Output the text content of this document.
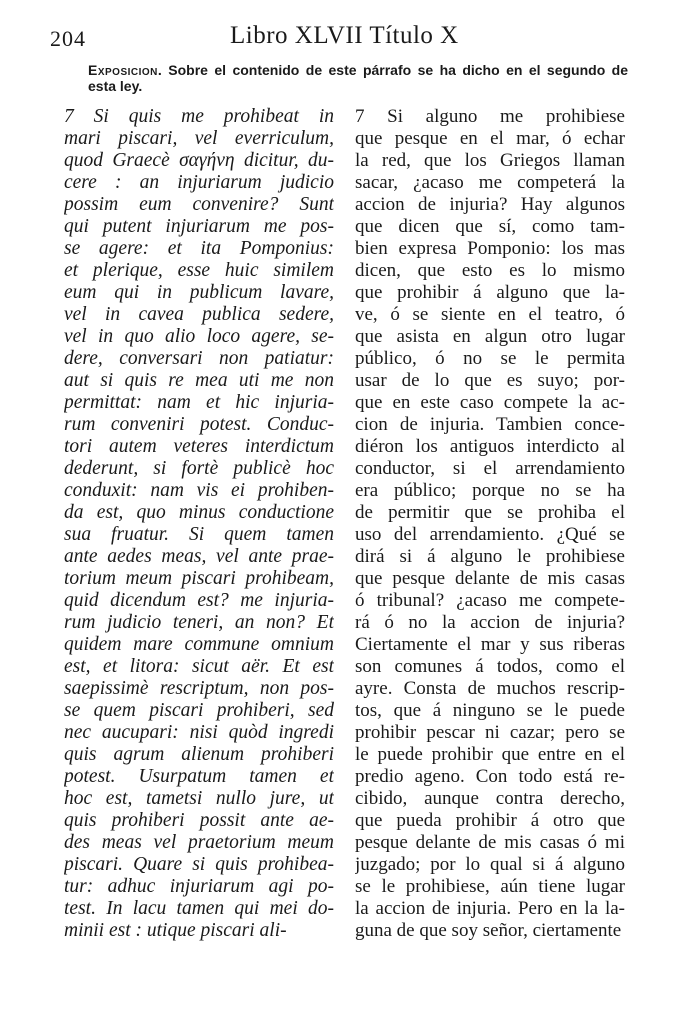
204	Libro XLVII Título X
Exposicion. Sobre el contenido de este párrafo se ha dicho en el segundo de esta ley.
7 Si quis me prohibeat in
mari piscari, vel everriculum,
quod Graecè σαγήνη dicitur, du-
cere : an injuriarum judicio
possim eum convenire? Sunt
qui putent injuriarum me pos-
se agere: et ita Pomponius:
et plerique, esse huic similem
eum qui in publicum lavare,
vel in cavea publica sedere,
vel in quo alio loco agere, se-
dere, conversari non patiatur:
aut si quis re mea uti me non
permittat: nam et hic injuria-
rum conveniri potest. Conduc-
tori autem veteres interdictum
dederunt, si fortè publicè hoc
conduxit: nam vis ei prohiben-
da est, quo minus conductione
sua fruatur. Si quem tamen
ante aedes meas, vel ante prae-
torium meum piscari prohibeam,
quid dicendum est? me injuria-
rum judicio teneri, an non? Et
quidem mare commune omnium
est, et litora: sicut aër. Et est
saepissimè rescriptum, non pos-
se quem piscari prohiberi, sed
nec aucupari: nisi quòd ingredi
quis agrum alienum prohiberi
potest. Usurpatum tamen et
hoc est, tametsi nullo jure, ut
quis prohiberi possit ante ae-
des meas vel praetorium meum
piscari. Quare si quis prohibea-
tur: adhuc injuriarum agi po-
test. In lacu tamen qui mei do-
minii est : utique piscari ali-
7 Si alguno me prohibiese
que pesque en el mar, ó echar
la red, que los Griegos llaman
sacar, ¿acaso me competerá la
accion de injuria? Hay algunos
que dicen que sí, como tam-
bien expresa Pomponio: los mas
dicen, que esto es lo mismo
que prohibir á alguno que la-
ve, ó se siente en el teatro, ó
que asista en algun otro lugar
público, ó no se le permita
usar de lo que es suyo; por-
que en este caso compete la ac-
cion de injuria. Tambien conce-
diéron los antiguos interdicto al
conductor, si el arrendamiento
era público; porque no se ha
de permitir que se prohiba el
uso del arrendamiento. ¿Qué se
dirá si á alguno le prohibiese
que pesque delante de mis casas
ó tribunal? ¿acaso me compete-
rá ó no la accion de injuria?
Ciertamente el mar y sus riberas
son comunes á todos, como el
ayre. Consta de muchos rescrip-
tos, que á ninguno se le puede
prohibir pescar ni cazar; pero se
le puede prohibir que entre en el
predio ageno. Con todo está re-
cibido, aunque contra derecho,
que pueda prohibir á otro que
pesque delante de mis casas ó mi
juzgado; por lo qual si á alguno
se le prohibiese, aún tiene lugar
la accion de injuria. Pero en la la-
guna de que soy señor, ciertamente
